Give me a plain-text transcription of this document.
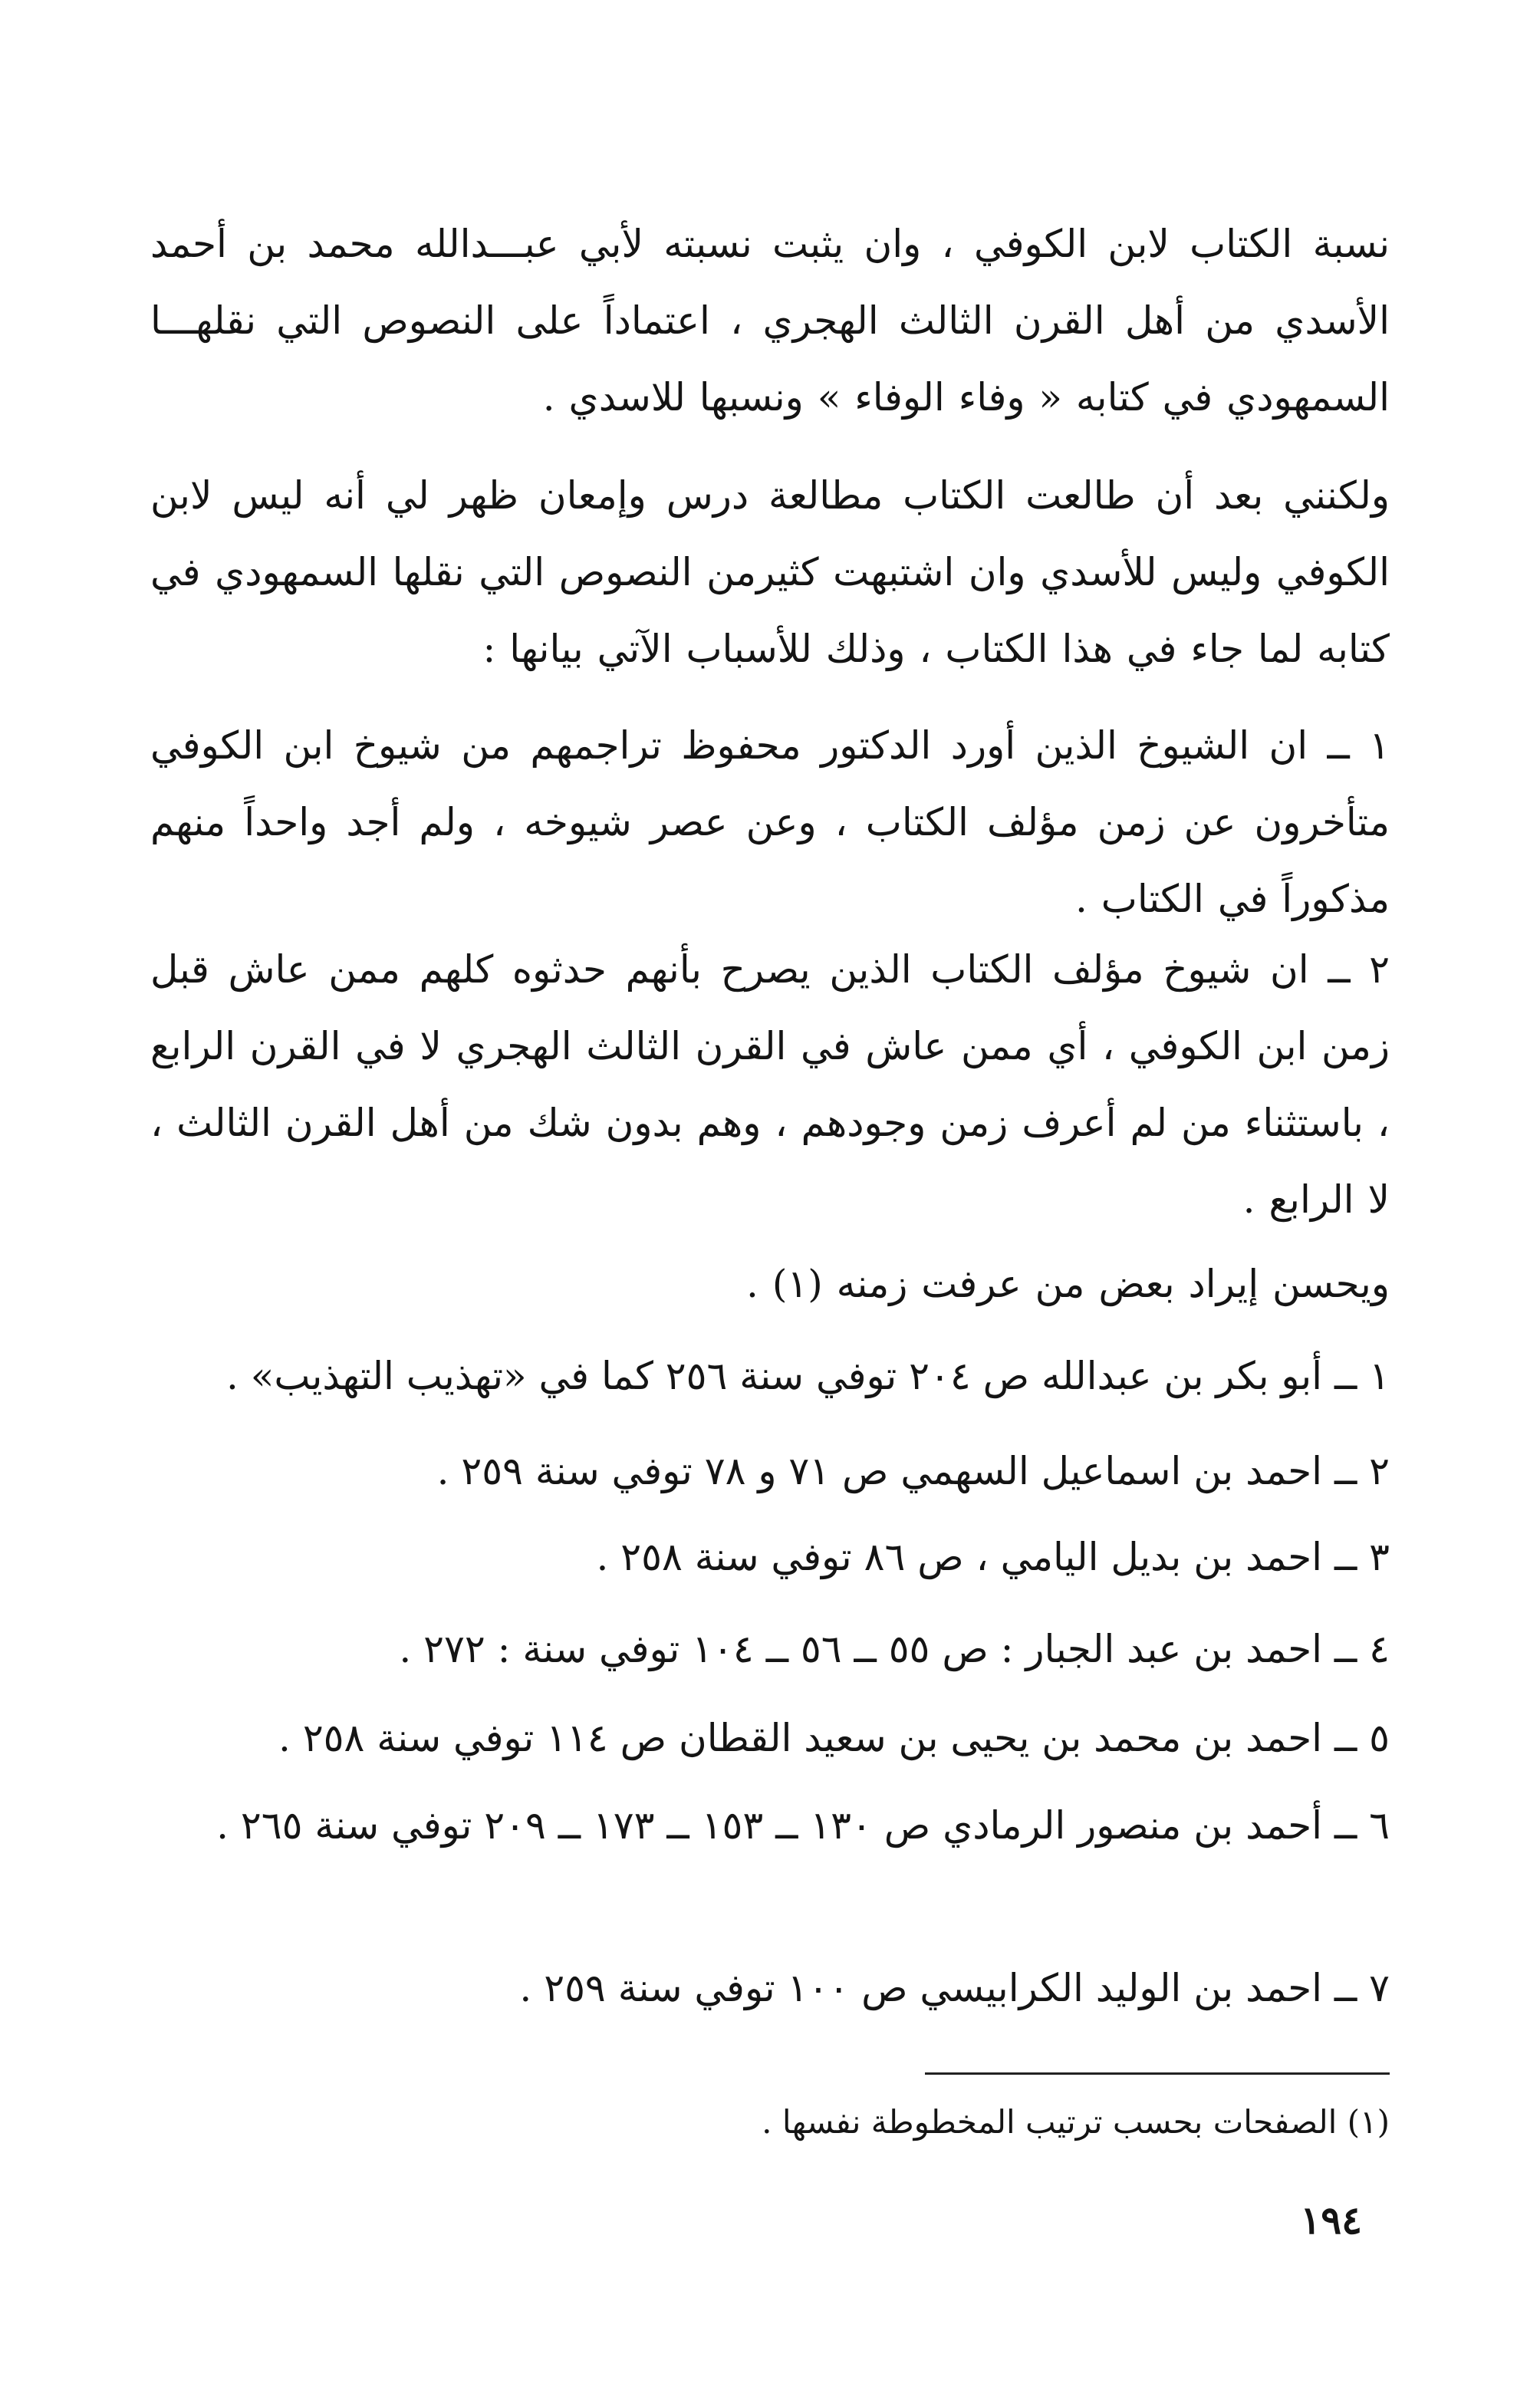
نسبة الكتاب لابن الكوفي ، وان يثبت نسبته لأبي عبـــدالله محمد بن أحمد الأسدي من أهل القرن الثالث الهجري ، اعتماداً على النصوص التي نقلهـــا السمهودي في كتابه « وفاء الوفاء » ونسبها للاسدي .

ولكنني بعد أن طالعت الكتاب مطالعة درس وإمعان ظهر لي أنه ليس لابن الكوفي وليس للأسدي وان اشتبهت كثيرمن النصوص التي نقلها السمهودي في كتابه لما جاء في هذا الكتاب ، وذلك للأسباب الآتي بيانها :

١ ــ ان الشيوخ الذين أورد الدكتور محفوظ تراجمهم من شيوخ ابن الكوفي متأخرون عن زمن مؤلف الكتاب ، وعن عصر شيوخه ، ولم أجد واحداً منهم مذكوراً في الكتاب .

٢ ــ ان شيوخ مؤلف الكتاب الذين يصرح بأنهم حدثوه كلهم ممن عاش قبل زمن ابن الكوفي ، أي ممن عاش في القرن الثالث الهجري لا في القرن الرابع ، باستثناء من لم أعرف زمن وجودهم ، وهم بدون شك من أهل القرن الثالث ، لا الرابع .

ويحسن إيراد بعض من عرفت زمنه (١) .

١ ــ أبو بكر بن عبدالله ص ٢٠٤ توفي سنة ٢٥٦ كما في «تهذيب التهذيب» .

٢ ــ احمد بن اسماعيل السهمي ص ٧١ و ٧٨ توفي سنة ٢٥٩ .

٣ ــ احمد بن بديل اليامي ، ص ٨٦ توفي سنة ٢٥٨ .

٤ ــ احمد بن عبد الجبار : ص ٥٥ ــ ٥٦ ــ ١٠٤ توفي سنة : ٢٧٢ .

٥ ــ احمد بن محمد بن يحيى بن سعيد القطان ص ١١٤ توفي سنة ٢٥٨ .

٦ ــ أحمد بن منصور الرمادي ص ١٣٠ ــ ١٥٣ ــ ١٧٣ ــ ٢٠٩ توفي سنة ٢٦٥ .

٧ ــ احمد بن الوليد الكرابيسي ص ١٠٠ توفي سنة ٢٥٩ .

(١) الصفحات بحسب ترتيب المخطوطة نفسها .

١٩٤
